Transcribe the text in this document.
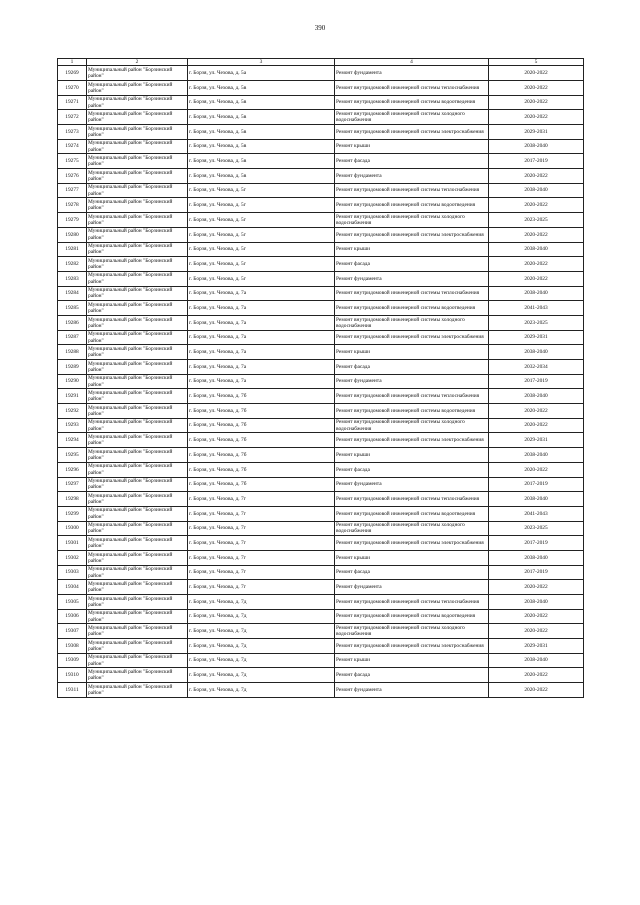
390
1	2	3	4	5
19269	Муниципальный район "Борзинский район"	г. Борзя, ул. Чехова, д. 5а	Ремонт фундамента	2020-2022
19270	Муниципальный район "Борзинский район"	г. Борзя, ул. Чехова, д. 5в	Ремонт внутридомовой инженерной системы теплоснабжения	2020-2022
19271	Муниципальный район "Борзинский район"	г. Борзя, ул. Чехова, д. 5в	Ремонт внутридомовой инженерной системы водоотведения	2020-2022
19272	Муниципальный район "Борзинский район"	г. Борзя, ул. Чехова, д. 5в	Ремонт внутридомовой инженерной системы холодного водоснабжения	2020-2022
19273	Муниципальный район "Борзинский район"	г. Борзя, ул. Чехова, д. 5в	Ремонт внутридомовой инженерной системы электроснабжения	2029-2031
19274	Муниципальный район "Борзинский район"	г. Борзя, ул. Чехова, д. 5в	Ремонт крыши	2038-2040
19275	Муниципальный район "Борзинский район"	г. Борзя, ул. Чехова, д. 5в	Ремонт фасада	2017-2019
19276	Муниципальный район "Борзинский район"	г. Борзя, ул. Чехова, д. 5в	Ремонт фундамента	2020-2022
19277	Муниципальный район "Борзинский район"	г. Борзя, ул. Чехова, д. 5г	Ремонт внутридомовой инженерной системы теплоснабжения	2038-2040
19278	Муниципальный район "Борзинский район"	г. Борзя, ул. Чехова, д. 5г	Ремонт внутридомовой инженерной системы водоотведения	2020-2022
19279	Муниципальный район "Борзинский район"	г. Борзя, ул. Чехова, д. 5г	Ремонт внутридомовой инженерной системы холодного водоснабжения	2023-2025
19280	Муниципальный район "Борзинский район"	г. Борзя, ул. Чехова, д. 5г	Ремонт внутридомовой инженерной системы электроснабжения	2020-2022
19281	Муниципальный район "Борзинский район"	г. Борзя, ул. Чехова, д. 5г	Ремонт крыши	2038-2040
19282	Муниципальный район "Борзинский район"	г. Борзя, ул. Чехова, д. 5г	Ремонт фасада	2020-2022
19283	Муниципальный район "Борзинский район"	г. Борзя, ул. Чехова, д. 5г	Ремонт фундамента	2020-2022
19284	Муниципальный район "Борзинский район"	г. Борзя, ул. Чехова, д. 7а	Ремонт внутридомовой инженерной системы теплоснабжения	2038-2040
19285	Муниципальный район "Борзинский район"	г. Борзя, ул. Чехова, д. 7а	Ремонт внутридомовой инженерной системы водоотведения	2041-2043
19286	Муниципальный район "Борзинский район"	г. Борзя, ул. Чехова, д. 7а	Ремонт внутридомовой инженерной системы холодного водоснабжения	2023-2025
19287	Муниципальный район "Борзинский район"	г. Борзя, ул. Чехова, д. 7а	Ремонт внутридомовой инженерной системы электроснабжения	2029-2031
19288	Муниципальный район "Борзинский район"	г. Борзя, ул. Чехова, д. 7а	Ремонт крыши	2038-2040
19289	Муниципальный район "Борзинский район"	г. Борзя, ул. Чехова, д. 7а	Ремонт фасада	2032-2034
19290	Муниципальный район "Борзинский район"	г. Борзя, ул. Чехова, д. 7а	Ремонт фундамента	2017-2019
19291	Муниципальный район "Борзинский район"	г. Борзя, ул. Чехова, д. 7б	Ремонт внутридомовой инженерной системы теплоснабжения	2038-2040
19292	Муниципальный район "Борзинский район"	г. Борзя, ул. Чехова, д. 7б	Ремонт внутридомовой инженерной системы водоотведения	2020-2022
19293	Муниципальный район "Борзинский район"	г. Борзя, ул. Чехова, д. 7б	Ремонт внутридомовой инженерной системы холодного водоснабжения	2020-2022
19294	Муниципальный район "Борзинский район"	г. Борзя, ул. Чехова, д. 7б	Ремонт внутридомовой инженерной системы электроснабжения	2029-2031
19295	Муниципальный район "Борзинский район"	г. Борзя, ул. Чехова, д. 7б	Ремонт крыши	2038-2040
19296	Муниципальный район "Борзинский район"	г. Борзя, ул. Чехова, д. 7б	Ремонт фасада	2020-2022
19297	Муниципальный район "Борзинский район"	г. Борзя, ул. Чехова, д. 7б	Ремонт фундамента	2017-2019
19298	Муниципальный район "Борзинский район"	г. Борзя, ул. Чехова, д. 7г	Ремонт внутридомовой инженерной системы теплоснабжения	2038-2040
19299	Муниципальный район "Борзинский район"	г. Борзя, ул. Чехова, д. 7г	Ремонт внутридомовой инженерной системы водоотведения	2041-2043
19300	Муниципальный район "Борзинский район"	г. Борзя, ул. Чехова, д. 7г	Ремонт внутридомовой инженерной системы холодного водоснабжения	2023-2025
19301	Муниципальный район "Борзинский район"	г. Борзя, ул. Чехова, д. 7г	Ремонт внутридомовой инженерной системы электроснабжения	2017-2019
19302	Муниципальный район "Борзинский район"	г. Борзя, ул. Чехова, д. 7г	Ремонт крыши	2038-2040
19303	Муниципальный район "Борзинский район"	г. Борзя, ул. Чехова, д. 7г	Ремонт фасада	2017-2019
19304	Муниципальный район "Борзинский район"	г. Борзя, ул. Чехова, д. 7г	Ремонт фундамента	2020-2022
19305	Муниципальный район "Борзинский район"	г. Борзя, ул. Чехова, д. 7д	Ремонт внутридомовой инженерной системы теплоснабжения	2038-2040
19306	Муниципальный район "Борзинский район"	г. Борзя, ул. Чехова, д. 7д	Ремонт внутридомовой инженерной системы водоотведения	2020-2022
19307	Муниципальный район "Борзинский район"	г. Борзя, ул. Чехова, д. 7д	Ремонт внутридомовой инженерной системы холодного водоснабжения	2020-2022
19308	Муниципальный район "Борзинский район"	г. Борзя, ул. Чехова, д. 7д	Ремонт внутридомовой инженерной системы электроснабжения	2029-2031
19309	Муниципальный район "Борзинский район"	г. Борзя, ул. Чехова, д. 7д	Ремонт крыши	2038-2040
19310	Муниципальный район "Борзинский район"	г. Борзя, ул. Чехова, д. 7д	Ремонт фасада	2020-2022
19311	Муниципальный район "Борзинский район"	г. Борзя, ул. Чехова, д. 7д	Ремонт фундамента	2020-2022
